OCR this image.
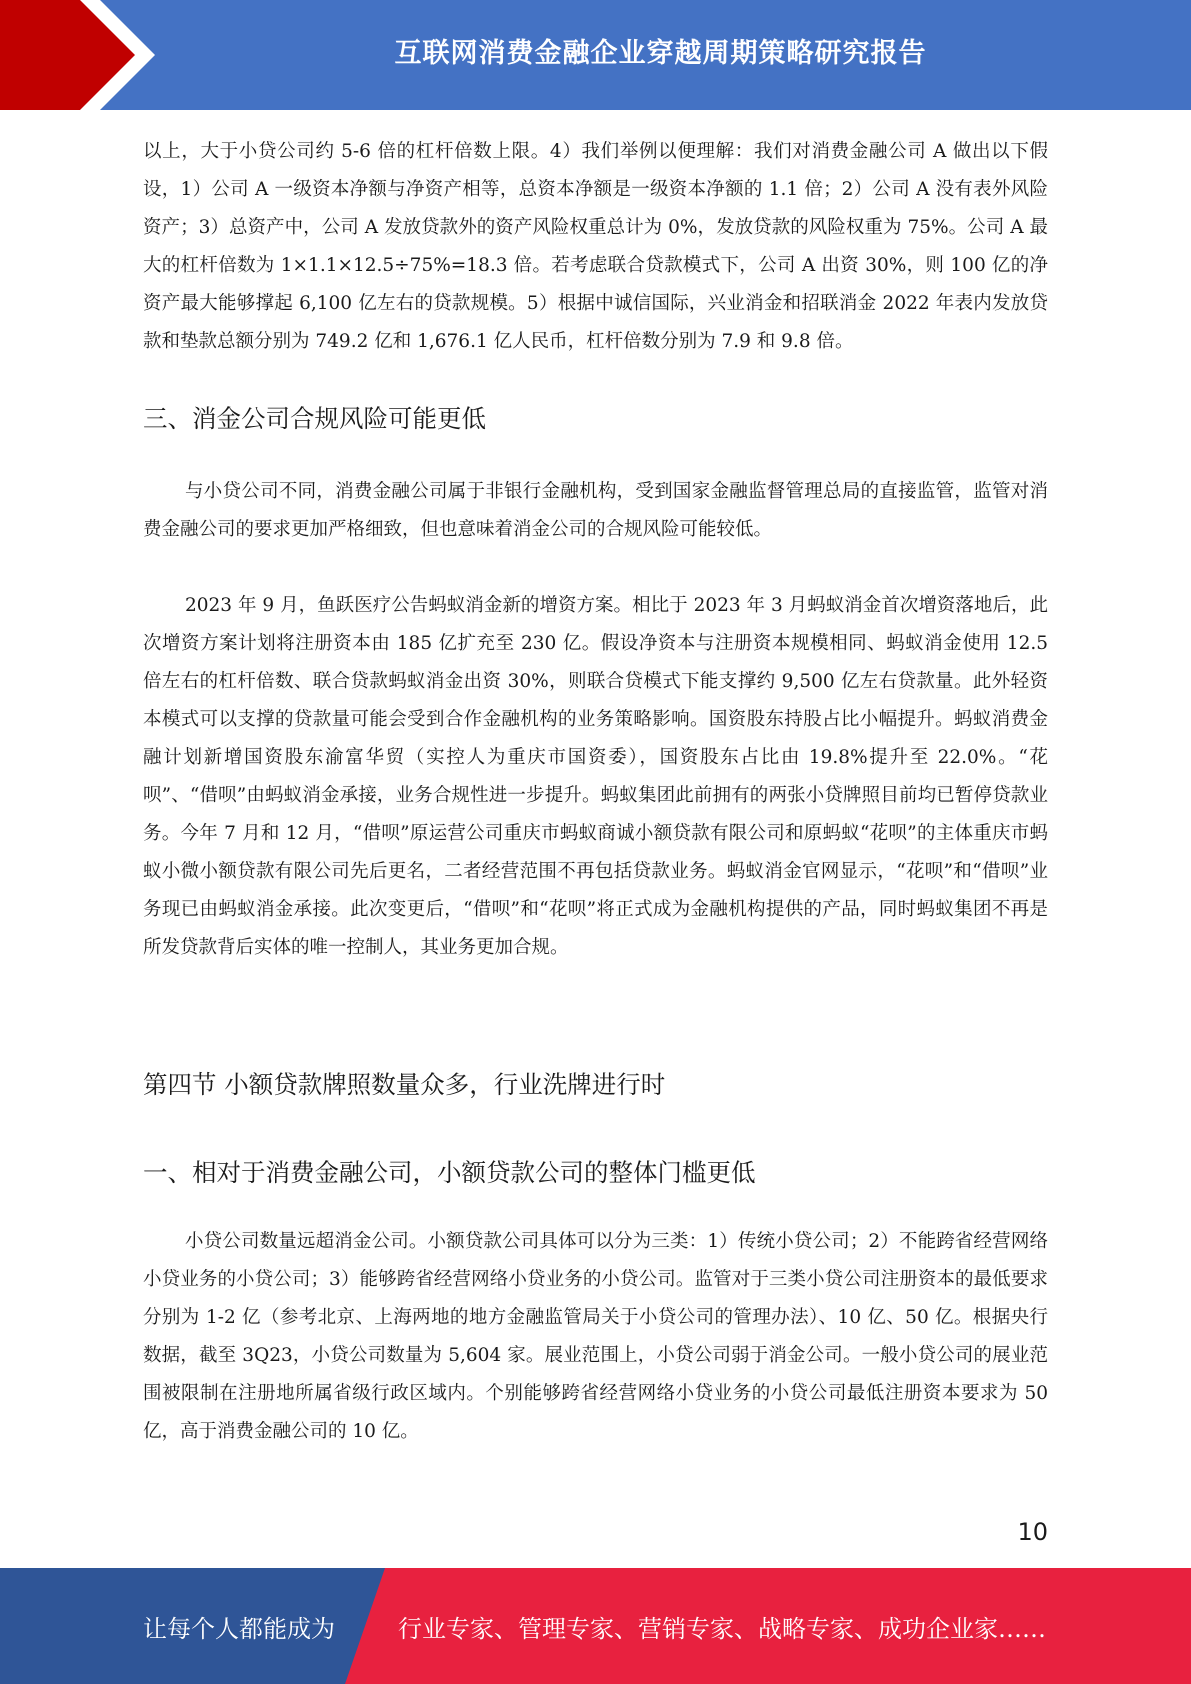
互联网消费金融企业穿越周期策略研究报告

以上，大于小贷公司约 5-6 倍的杠杆倍数上限。4）我们举例以便理解：我们对消费金融公司 A 做出以下假设，1）公司 A 一级资本净额与净资产相等，总资本净额是一级资本净额的 1.1 倍；2）公司 A 没有表外风险资产；3）总资产中，公司 A 发放贷款外的资产风险权重总计为 0%，发放贷款的风险权重为 75%。公司 A 最大的杠杆倍数为 1×1.1×12.5÷75%=18.3 倍。若考虑联合贷款模式下，公司 A 出资 30%，则 100 亿的净资产最大能够撑起 6,100 亿左右的贷款规模。5）根据中诚信国际，兴业消金和招联消金 2022 年表内发放贷款和垫款总额分别为 749.2 亿和 1,676.1 亿人民币，杠杆倍数分别为 7.9 和 9.8 倍。

三、消金公司合规风险可能更低

与小贷公司不同，消费金融公司属于非银行金融机构，受到国家金融监督管理总局的直接监管，监管对消费金融公司的要求更加严格细致，但也意味着消金公司的合规风险可能较低。

2023 年 9 月，鱼跃医疗公告蚂蚁消金新的增资方案。相比于 2023 年 3 月蚂蚁消金首次增资落地后，此次增资方案计划将注册资本由 185 亿扩充至 230 亿。假设净资本与注册资本规模相同、蚂蚁消金使用 12.5 倍左右的杠杆倍数、联合贷款蚂蚁消金出资 30%，则联合贷模式下能支撑约 9,500 亿左右贷款量。此外轻资本模式可以支撑的贷款量可能会受到合作金融机构的业务策略影响。国资股东持股占比小幅提升。蚂蚁消费金融计划新增国资股东渝富华贸（实控人为重庆市国资委），国资股东占比由 19.8%提升至 22.0%。“花呗”、“借呗”由蚂蚁消金承接，业务合规性进一步提升。蚂蚁集团此前拥有的两张小贷牌照目前均已暂停贷款业务。今年 7 月和 12 月，“借呗”原运营公司重庆市蚂蚁商诚小额贷款有限公司和原蚂蚁“花呗”的主体重庆市蚂蚁小微小额贷款有限公司先后更名，二者经营范围不再包括贷款业务。蚂蚁消金官网显示，“花呗”和“借呗”业务现已由蚂蚁消金承接。此次变更后，“借呗”和“花呗”将正式成为金融机构提供的产品，同时蚂蚁集团不再是所发贷款背后实体的唯一控制人，其业务更加合规。

第四节 小额贷款牌照数量众多，行业洗牌进行时
一、相对于消费金融公司，小额贷款公司的整体门槛更低

小贷公司数量远超消金公司。小额贷款公司具体可以分为三类：1）传统小贷公司；2）不能跨省经营网络小贷业务的小贷公司；3）能够跨省经营网络小贷业务的小贷公司。监管对于三类小贷公司注册资本的最低要求分别为 1-2 亿（参考北京、上海两地的地方金融监管局关于小贷公司的管理办法）、10 亿、50 亿。根据央行数据，截至 3Q23，小贷公司数量为 5,604 家。展业范围上，小贷公司弱于消金公司。一般小贷公司的展业范围被限制在注册地所属省级行政区域内。个别能够跨省经营网络小贷业务的小贷公司最低注册资本要求为 50 亿，高于消费金融公司的 10 亿。

10
让每个人都能成为	行业专家、管理专家、营销专家、战略专家、成功企业家……
